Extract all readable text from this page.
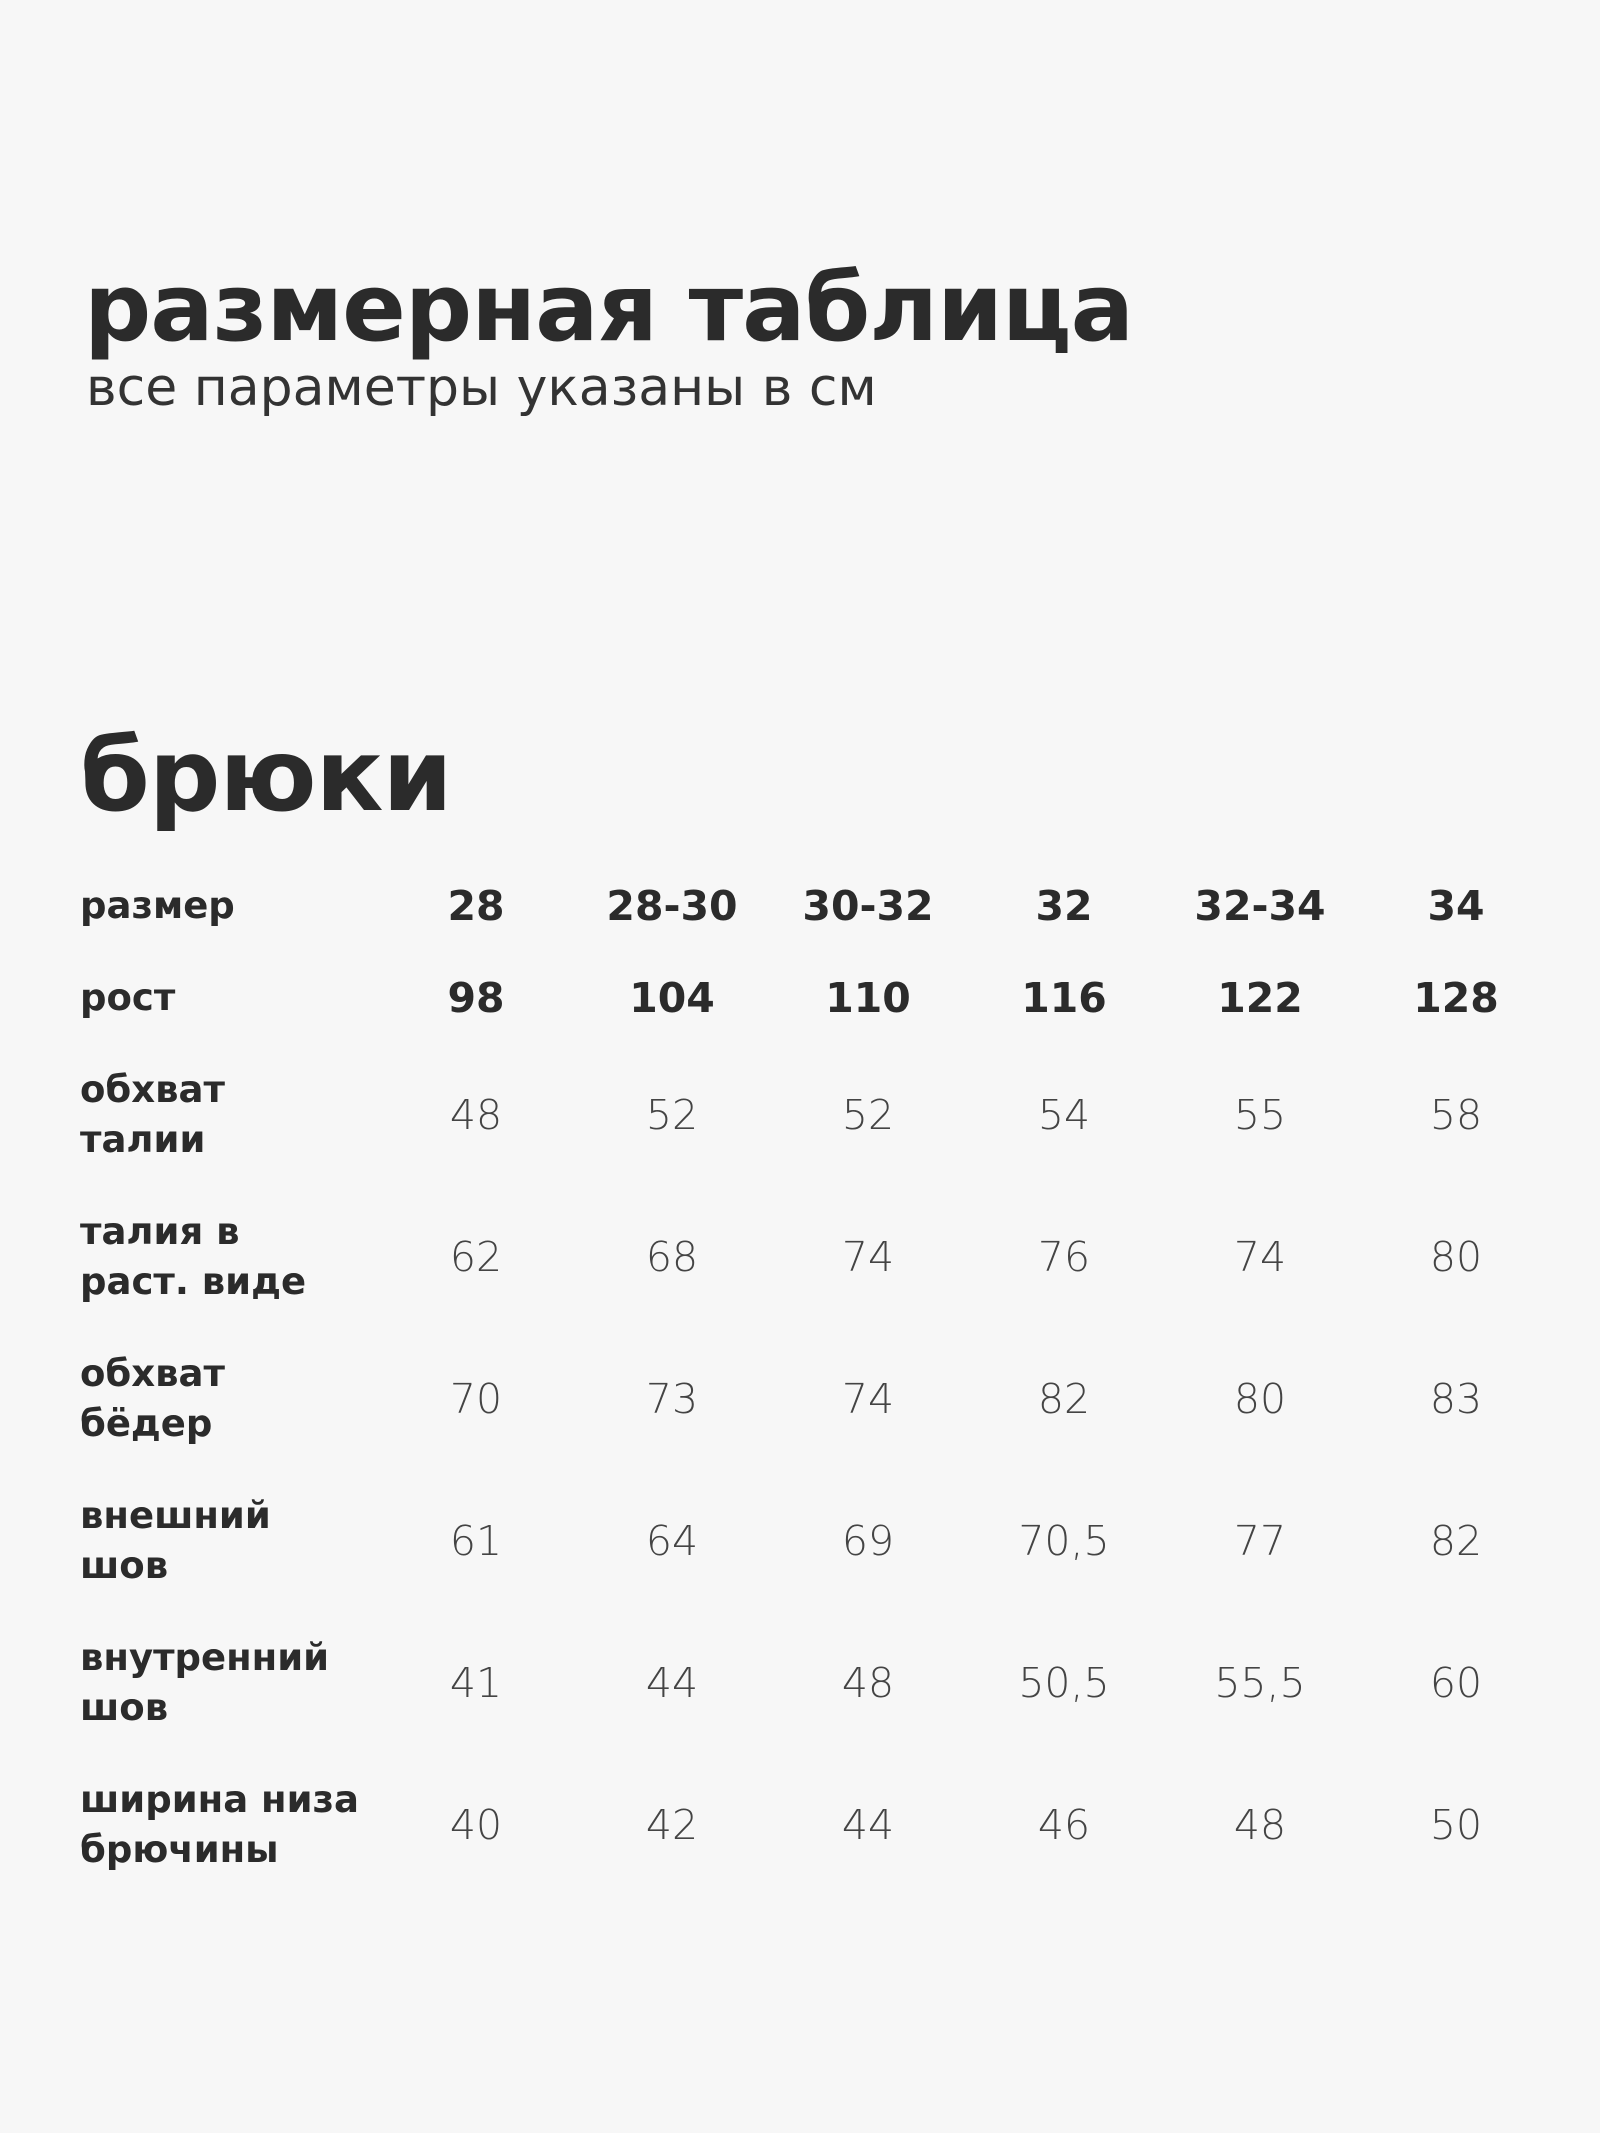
размерная таблица
все параметры указаны в см
брюки
размер	28	28-30	30-32	32	32-34	34
рост	98	104	110	116	122	128
обхват
талии	48	52	52	54	55	58
талия в
раст. виде	62	68	74	76	74	80
обхват
бёдер	70	73	74	82	80	83
внешний
шов	61	64	69	70,5	77	82
внутренний
шов	41	44	48	50,5	55,5	60
ширина низа
брючины	40	42	44	46	48	50
